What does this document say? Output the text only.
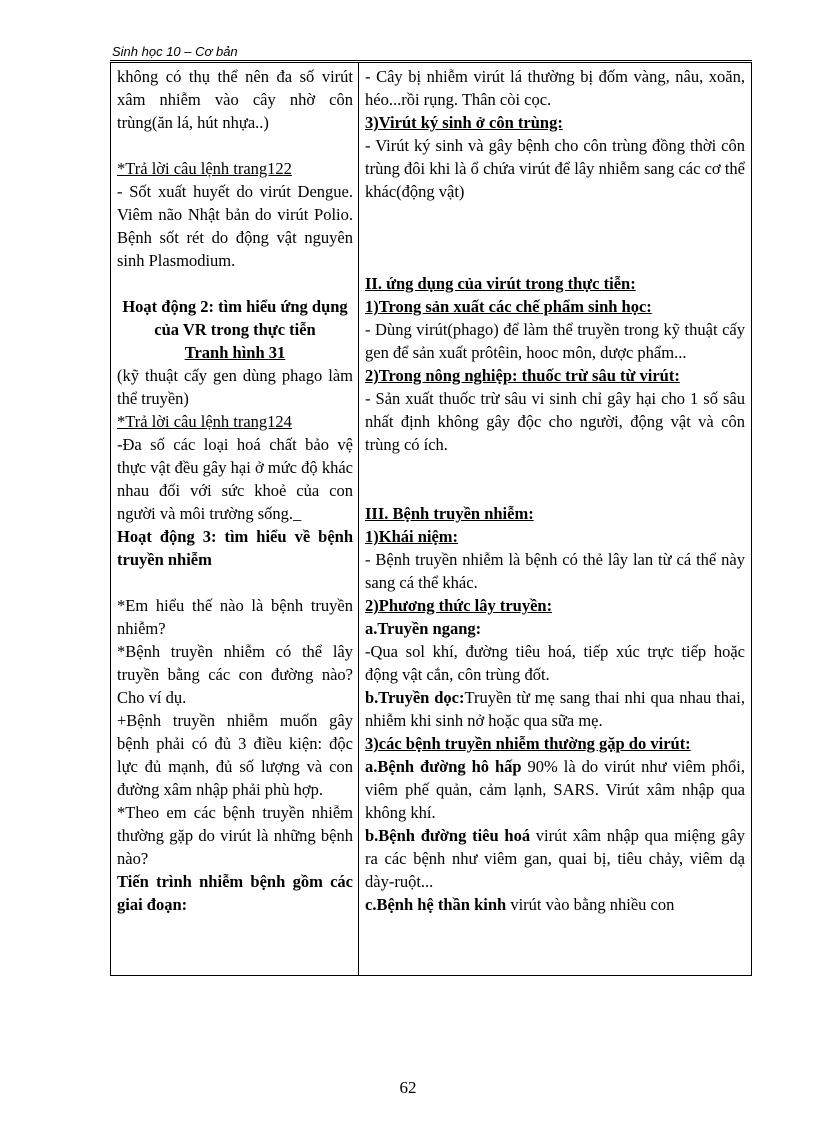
Sinh học 10 – Cơ bản

không có thụ thể nên đa số virút xâm nhiễm vào cây nhờ côn trùng(ăn lá, hút nhựa..)

*Trả lời câu lệnh trang122

- Sốt xuất huyết do virút Dengue. Viêm não Nhật bản do virút Polio. Bệnh sốt rét do động vật nguyên sinh Plasmodium.

Hoạt động 2: tìm hiểu ứng dụng của VR trong thực tiễn

Tranh hình 31

(kỹ thuật cấy gen dùng phago làm thể truyền)

*Trả lời câu lệnh trang124

-Đa số các loại hoá chất bảo vệ thực vật đều gây hại ở mức độ khác nhau đối với sức khoẻ của con người và môi trường sống._

Hoạt động 3: tìm hiểu về bệnh truyền nhiễm

*Em hiểu thế nào là bệnh truyền nhiễm?

*Bệnh truyền nhiễm có thể lây truyền bằng các con đường nào? Cho ví dụ.

+Bệnh truyền nhiễm muốn gây bệnh phải có đủ 3 điều kiện: độc lực đủ mạnh, đủ số lượng và con đường xâm nhập phải phù hợp.

*Theo em các bệnh truyền nhiễm thường gặp do virút là những bệnh nào?

Tiến trình nhiễm bệnh gồm các giai đoạn:

- Cây bị nhiễm virút lá thường bị đốm vàng, nâu, xoăn, héo...rồi rụng. Thân còi cọc.

3)Virút ký sinh ở côn trùng:

- Virút ký sinh và gây bệnh cho côn trùng đồng thời côn trùng đôi khi là ổ chứa virút để lây nhiễm sang các cơ thể khác(động vật)

II. ứng dụng của virút trong thực tiễn:

1)Trong sản xuất các chế phẩm sinh học:

- Dùng virút(phago) để làm thể truyền trong kỹ thuật cấy gen để sản xuất prôtêin, hooc môn, dược phẩm...

2)Trong nông nghiệp: thuốc trừ sâu từ virút:

- Sản xuất thuốc trừ sâu vi sinh chỉ gây hại cho 1 số sâu nhất định không gây độc cho người, động vật và côn trùng có ích.

III. Bệnh truyền nhiễm:

1)Khái niệm:

- Bệnh truyền nhiễm là bệnh có thẻ lây lan từ cá thể này sang cá thể khác.

2)Phương thức lây truyền:

a.Truyền ngang:

-Qua sol khí, đường tiêu hoá, tiếp xúc trực tiếp hoặc động vật cắn, côn trùng đốt.

b.Truyền dọc:Truyền từ mẹ sang thai nhi qua nhau thai, nhiễm khi sinh nở hoặc qua sữa mẹ.

3)các bệnh truyền nhiễm thường gặp do virút:

a.Bệnh đường hô hấp 90% là do virút như viêm phổi, viêm phế quản, cảm lạnh, SARS. Virút xâm nhập qua không khí.

b.Bệnh đường tiêu hoá virút xâm nhập qua miệng gây ra các bệnh như viêm gan, quai bị, tiêu chảy, viêm dạ dày-ruột...

c.Bệnh hệ thần kinh virút vào bằng nhiều con

62
